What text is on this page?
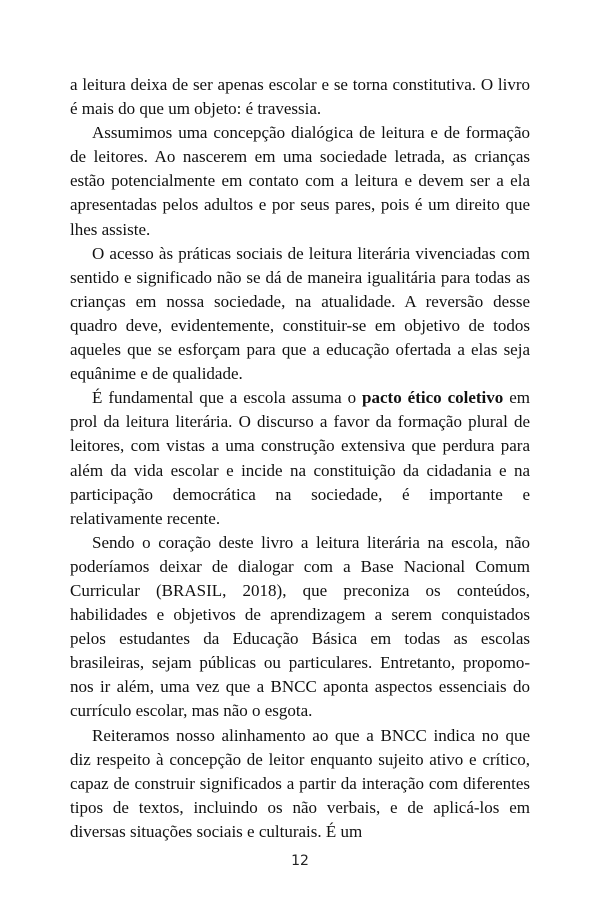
a leitura deixa de ser apenas escolar e se torna constitutiva. O livro é mais do que um objeto: é travessia.

Assumimos uma concepção dialógica de leitura e de formação de leitores. Ao nascerem em uma sociedade letrada, as crianças estão potencialmente em contato com a leitura e devem ser a ela apresentadas pelos adultos e por seus pares, pois é um direito que lhes assiste.

O acesso às práticas sociais de leitura literária vivenciadas com sentido e significado não se dá de maneira igualitária para todas as crianças em nossa sociedade, na atualidade. A reversão desse quadro deve, evidentemente, constituir-se em objetivo de todos aqueles que se esforçam para que a educação ofertada a elas seja equânime e de qualidade.

É fundamental que a escola assuma o pacto ético coletivo em prol da leitura literária. O discurso a favor da formação plural de leitores, com vistas a uma construção extensiva que perdura para além da vida escolar e incide na constituição da cidadania e na participação democrática na sociedade, é importante e relativamente recente.

Sendo o coração deste livro a leitura literária na escola, não poderíamos deixar de dialogar com a Base Nacional Comum Curricular (BRASIL, 2018), que preconiza os conteúdos, habilidades e objetivos de aprendizagem a serem conquistados pelos estudantes da Educação Básica em todas as escolas brasileiras, sejam públicas ou particulares. Entretanto, propomo-nos ir além, uma vez que a BNCC aponta aspectos essenciais do currículo escolar, mas não o esgota.

Reiteramos nosso alinhamento ao que a BNCC indica no que diz respeito à concepção de leitor enquanto sujeito ativo e crítico, capaz de construir significados a partir da interação com diferentes tipos de textos, incluindo os não verbais, e de aplicá-los em diversas situações sociais e culturais. É um

12
